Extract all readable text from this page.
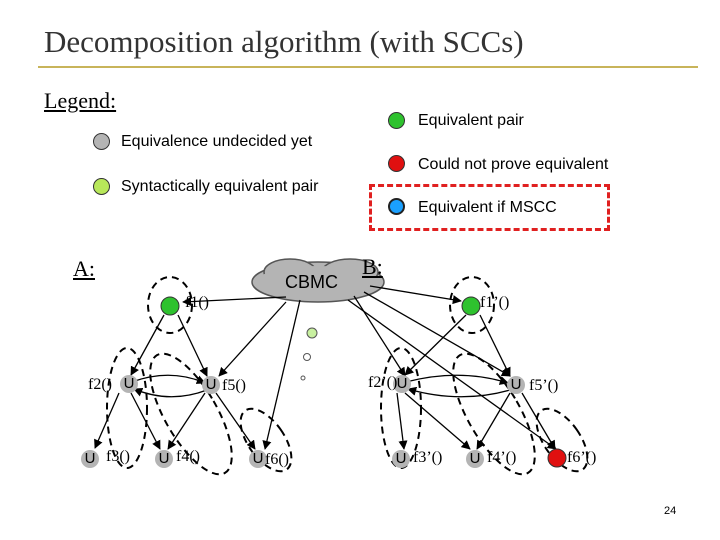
Decomposition algorithm (with SCCs)
Legend:
Equivalence undecided yet
Syntactically equivalent pair
Equivalent pair
Could not prove equivalent
Equivalent if MSCC
U	U
U	U	U
U	U
U	U
A:	B:
CBMC
f1()
f2()
f3()	f4()
f5()
f6()
f1’()
f2’()
f3’()	f4’()
f5’()
f6’()
24
